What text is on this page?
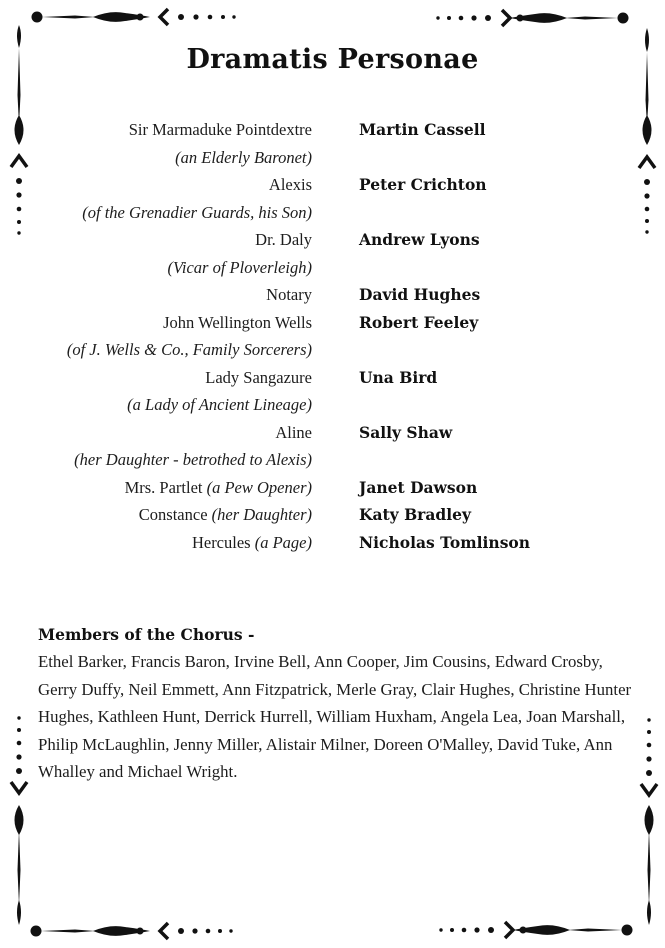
Dramatis Personae
Sir Marmaduke Pointdextre	Martin Cassell
(an Elderly Baronet)
Alexis	Peter Crichton
(of the Grenadier Guards, his Son)
Dr. Daly	Andrew Lyons
(Vicar of Ploverleigh)
Notary	David Hughes
John Wellington Wells	Robert Feeley
(of J. Wells & Co., Family Sorcerers)
Lady Sangazure	Una Bird
(a Lady of Ancient Lineage)
Aline	Sally Shaw
(her Daughter - betrothed to Alexis)
Mrs. Partlet (a Pew Opener)	Janet Dawson
Constance (her Daughter)	Katy Bradley
Hercules (a Page)	Nicholas Tomlinson
Members of the Chorus -

Ethel Barker, Francis Baron, Irvine Bell, Ann Cooper, Jim Cousins, Edward Crosby, Gerry Duffy, Neil Emmett, Ann Fitzpatrick, Merle Gray, Clair Hughes, Christine Hunter Hughes, Kathleen Hunt, Derrick Hurrell, William Huxham, Angela Lea, Joan Marshall, Philip McLaughlin, Jenny Miller, Alistair Milner, Doreen O'Malley, David Tuke, Ann Whalley and Michael Wright.
